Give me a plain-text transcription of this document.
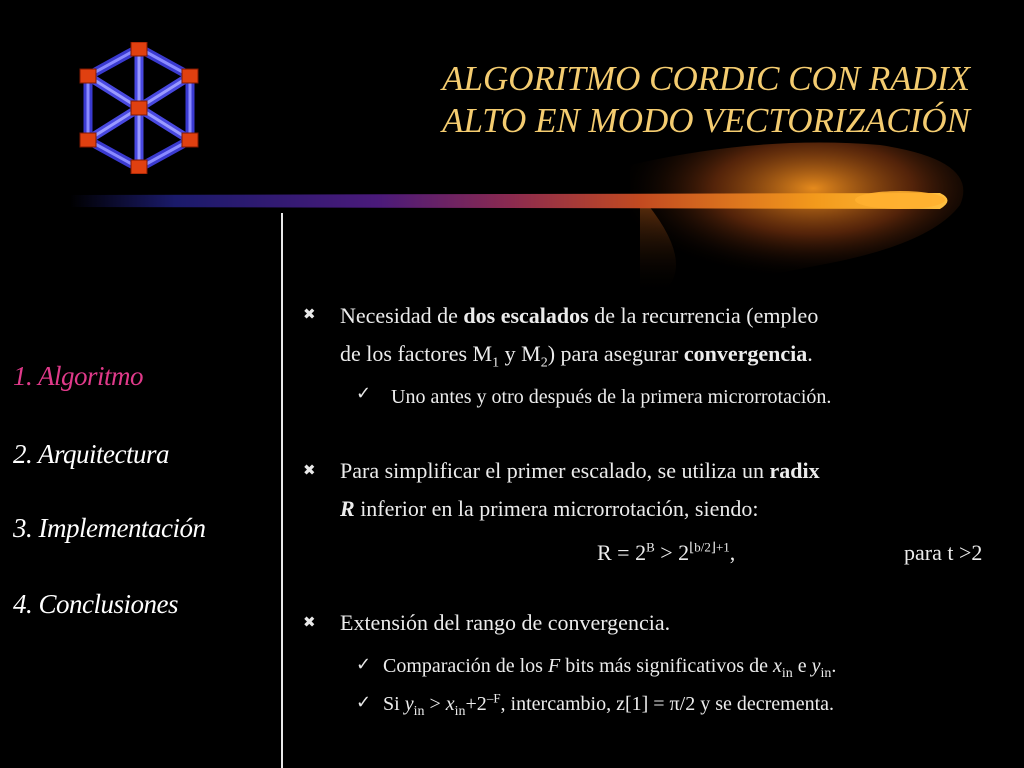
ALGORITMO CORDIC CON RADIX
ALTO EN MODO VECTORIZACIÓN
1. Algoritmo
2. Arquitectura
3. Implementación
4. Conclusiones
✖ Necesidad de dos escalados de la recurrencia (empleo
de los factores $M_1$ y $M_2$) para asegurar convergencia.
✓ Uno antes y otro después de la primera microrrotación.
✖ Para simplificar el primer escalado, se utiliza un radix
R inferior en la primera microrrotación, siendo:
$R = 2^B > 2^{⌊b/2⌋+1}$,	para t >2
✖ Extensión del rango de convergencia.
✓ Comparación de los F bits más significativos de $x_{in}$ e $y_{in}$.
✓ Si $y_{in} > x_{in}+2^{-F}$, intercambio, z[1] = π/2 y se decrementa.
